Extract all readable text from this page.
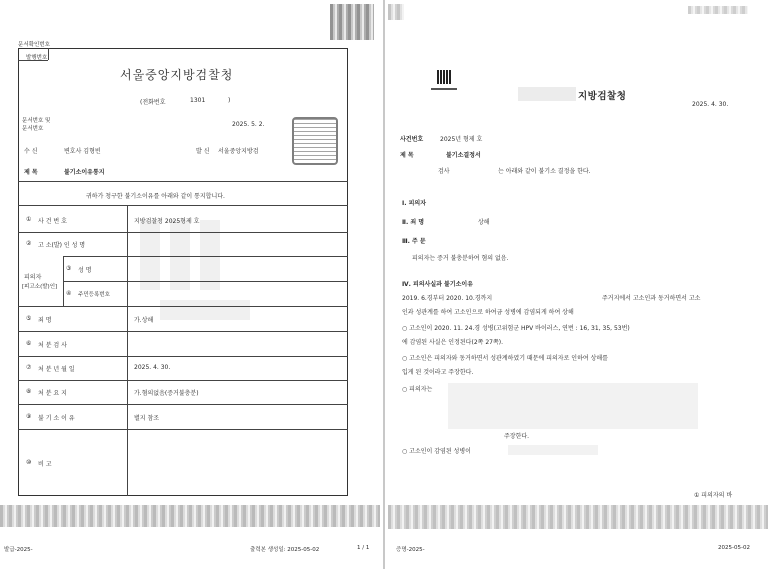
문서확인번호
발행번호
서울중앙지방검찰청
(전화번호	1301	)
문서번호 및
문서번호
2025. 5. 2.
수 신	변호사 김형빈	발 신 서울중앙지방검
제 목	불기소이유통지
귀하가 청구한 불기소이유를 아래와 같이 통지합니다.
① 사 건 번 호	지방검찰청 2025형제 호
② 고 소(발) 인 성 명
③ 성 명
④ 주민등록번호
⑤ 죄 명	가.상해
⑥ 처 분 검 사
⑦ 처 분 년 월 일	2025. 4. 30.
⑧ 처 분 요 지	가.혐의없음(증거불충분)
⑨ 불 기 소 이 유	별지 참조
⑩ 비 고
피의자
[피고소(발)인]
발급-2025-	출력본 생성일: 2025-05-02	1 / 1
지방검찰청
2025. 4. 30.
사건번호	2025년 형제 호
제 목	불기소결정서
검사	는 아래와 같이 불기소 결정을 한다.
Ⅰ. 피의자
Ⅱ. 죄 명	상해
Ⅲ. 주 문
피의자는 증거 불충분하여 혐의 없음.
Ⅳ. 피의사실과 불기소이유
2019. 6.경부터 2020. 10.경까지	주거지에서 고소인과 동거하면서 고소
인과 성관계를 하여 고소인으로 하여금 성병에 감염되게 하여 상해
○ 고소인이 2020. 11. 24.경 성병(고위험군 HPV 바이러스, 연번 : 16, 31, 35, 53번)
에 감염된 사실은 인정된다(2쪽 27쪽).
○ 고소인은 피의자와 동거하면서 성관계하였기 때문에 피의자로 인하여 상해를
입게 된 것이라고 주장한다.
○ 피의자는
주장한다.
○ 고소인이 감염된 성병이
① 피의자의 바
증명-2025-	2025-05-02
